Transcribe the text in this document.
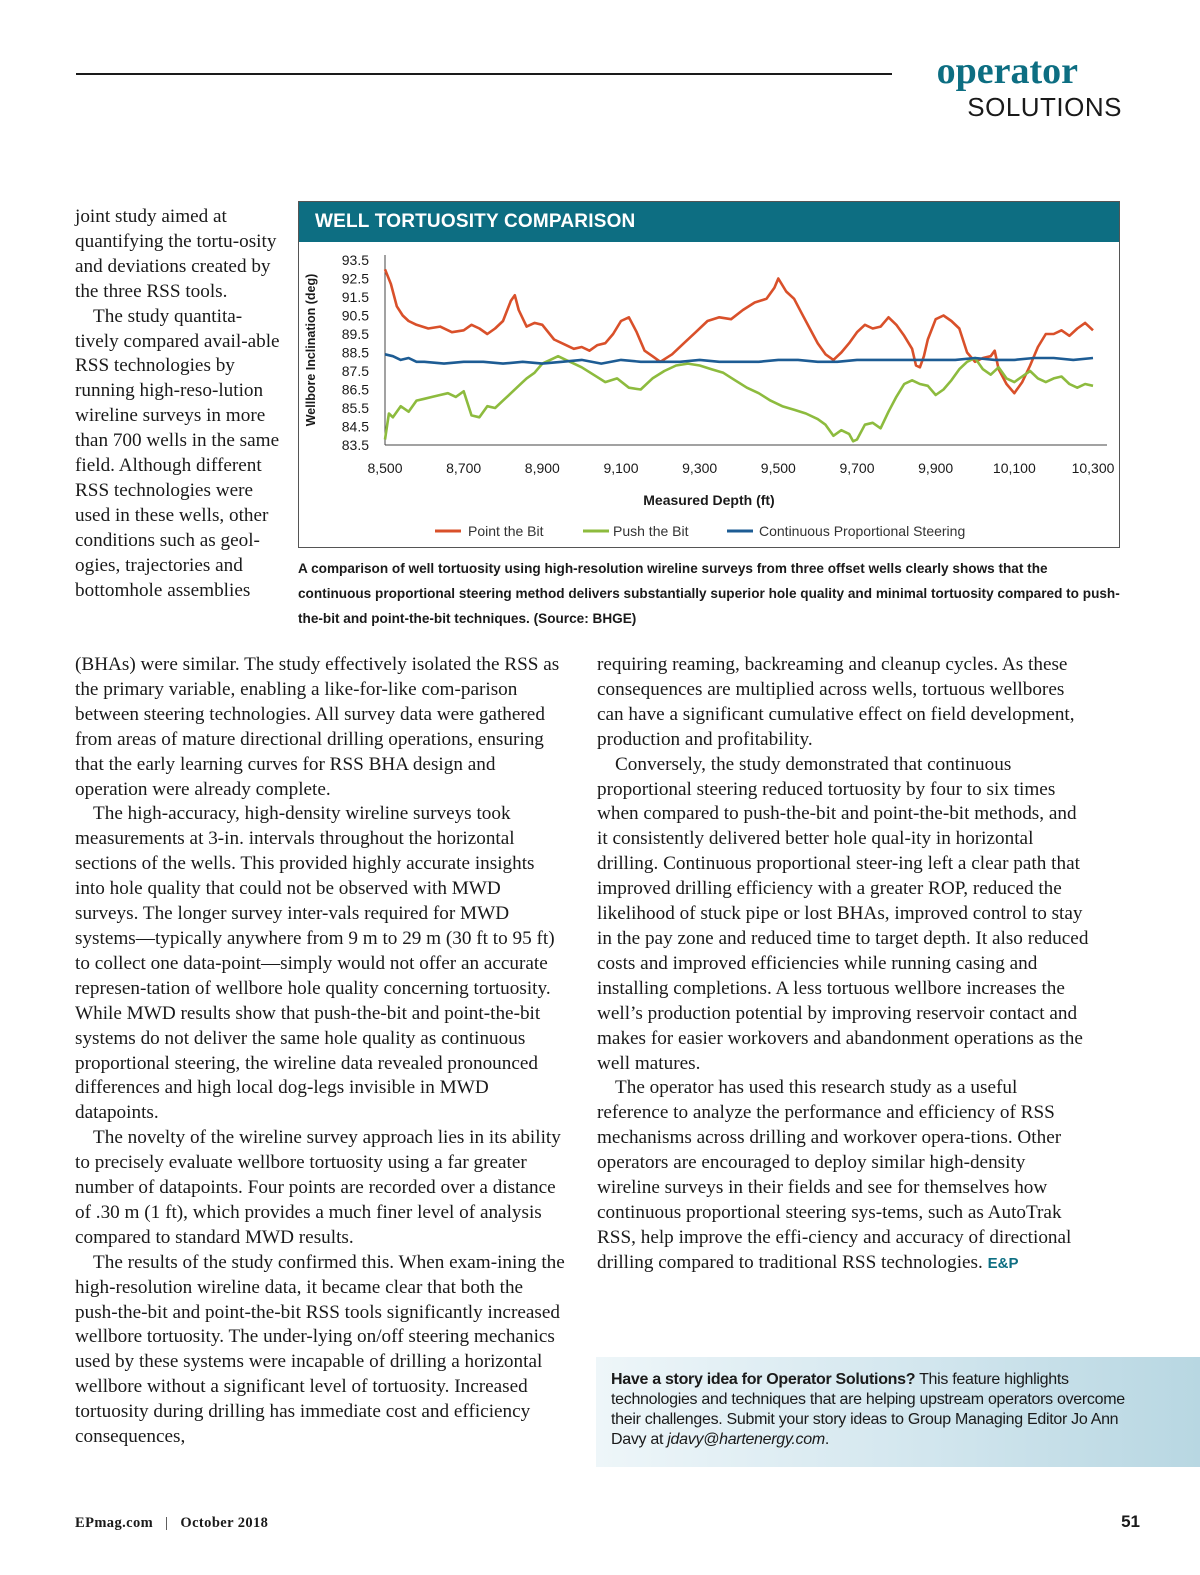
operator
SOLUTIONS

joint study aimed at quantifying the tortu-osity and deviations created by the three RSS tools.

The study quantita-tively compared avail-able RSS technologies by running high-reso-lution wireline surveys in more than 700 wells in the same field. Although different RSS technologies were used in these wells, other conditions such as geol-ogies, trajectories and bottomhole assemblies

WELL TORTUOSITY COMPARISON
93.5
92.5
91.5
90.5
89.5
88.5
87.5
86.5
85.5
84.5
83.5
8,500	8,700	8,900	9,100	9,300	9,500	9,700	9,900	10,100	10,300
Wellbore Inclination (deg)
Measured Depth (ft)
Point the Bit	Push the Bit	Continuous Proportional Steering
A comparison of well tortuosity using high-resolution wireline surveys from three offset wells clearly shows that the continuous proportional steering method delivers substantially superior hole quality and minimal tortuosity compared to push-the-bit and point-the-bit techniques. (Source: BHGE)

(BHAs) were similar. The study effectively isolated the RSS as the primary variable, enabling a like-for-like com-parison between steering technologies. All survey data were gathered from areas of mature directional drilling operations, ensuring that the early learning curves for RSS BHA design and operation were already complete.

The high-accuracy, high-density wireline surveys took measurements at 3-in. intervals throughout the horizontal sections of the wells. This provided highly accurate insights into hole quality that could not be observed with MWD surveys. The longer survey inter-vals required for MWD systems—typically anywhere from 9 m to 29 m (30 ft to 95 ft) to collect one data-point—simply would not offer an accurate represen-tation of wellbore hole quality concerning tortuosity. While MWD results show that push-the-bit and point-the-bit systems do not deliver the same hole quality as continuous proportional steering, the wireline data revealed pronounced differences and high local dog-legs invisible in MWD datapoints.

The novelty of the wireline survey approach lies in its ability to precisely evaluate wellbore tortuosity using a far greater number of datapoints. Four points are recorded over a distance of .30 m (1 ft), which provides a much finer level of analysis compared to standard MWD results.

The results of the study confirmed this. When exam-ining the high-resolution wireline data, it became clear that both the push-the-bit and point-the-bit RSS tools significantly increased wellbore tortuosity. The under-lying on/off steering mechanics used by these systems were incapable of drilling a horizontal wellbore without a significant level of tortuosity. Increased tortuosity during drilling has immediate cost and efficiency consequences,

requiring reaming, backreaming and cleanup cycles. As these consequences are multiplied across wells, tortuous wellbores can have a significant cumulative effect on field development, production and profitability.

Conversely, the study demonstrated that continuous proportional steering reduced tortuosity by four to six times when compared to push-the-bit and point-the-bit methods, and it consistently delivered better hole qual-ity in horizontal drilling. Continuous proportional steer-ing left a clear path that improved drilling efficiency with a greater ROP, reduced the likelihood of stuck pipe or lost BHAs, improved control to stay in the pay zone and reduced time to target depth. It also reduced costs and improved efficiencies while running casing and installing completions. A less tortuous wellbore increases the well’s production potential by improving reservoir contact and makes for easier workovers and abandonment operations as the well matures.

The operator has used this research study as a useful reference to analyze the performance and efficiency of RSS mechanisms across drilling and workover opera-tions. Other operators are encouraged to deploy similar high-density wireline surveys in their fields and see for themselves how continuous proportional steering sys-tems, such as AutoTrak RSS, help improve the effi-ciency and accuracy of directional drilling compared to traditional RSS technologies. E&P

Have a story idea for Operator Solutions? This feature highlights technologies and techniques that are helping upstream operators overcome their challenges. Submit your story ideas to Group Managing Editor Jo Ann Davy at jdavy@hartenergy.com.

EPmag.com | October 2018	51
